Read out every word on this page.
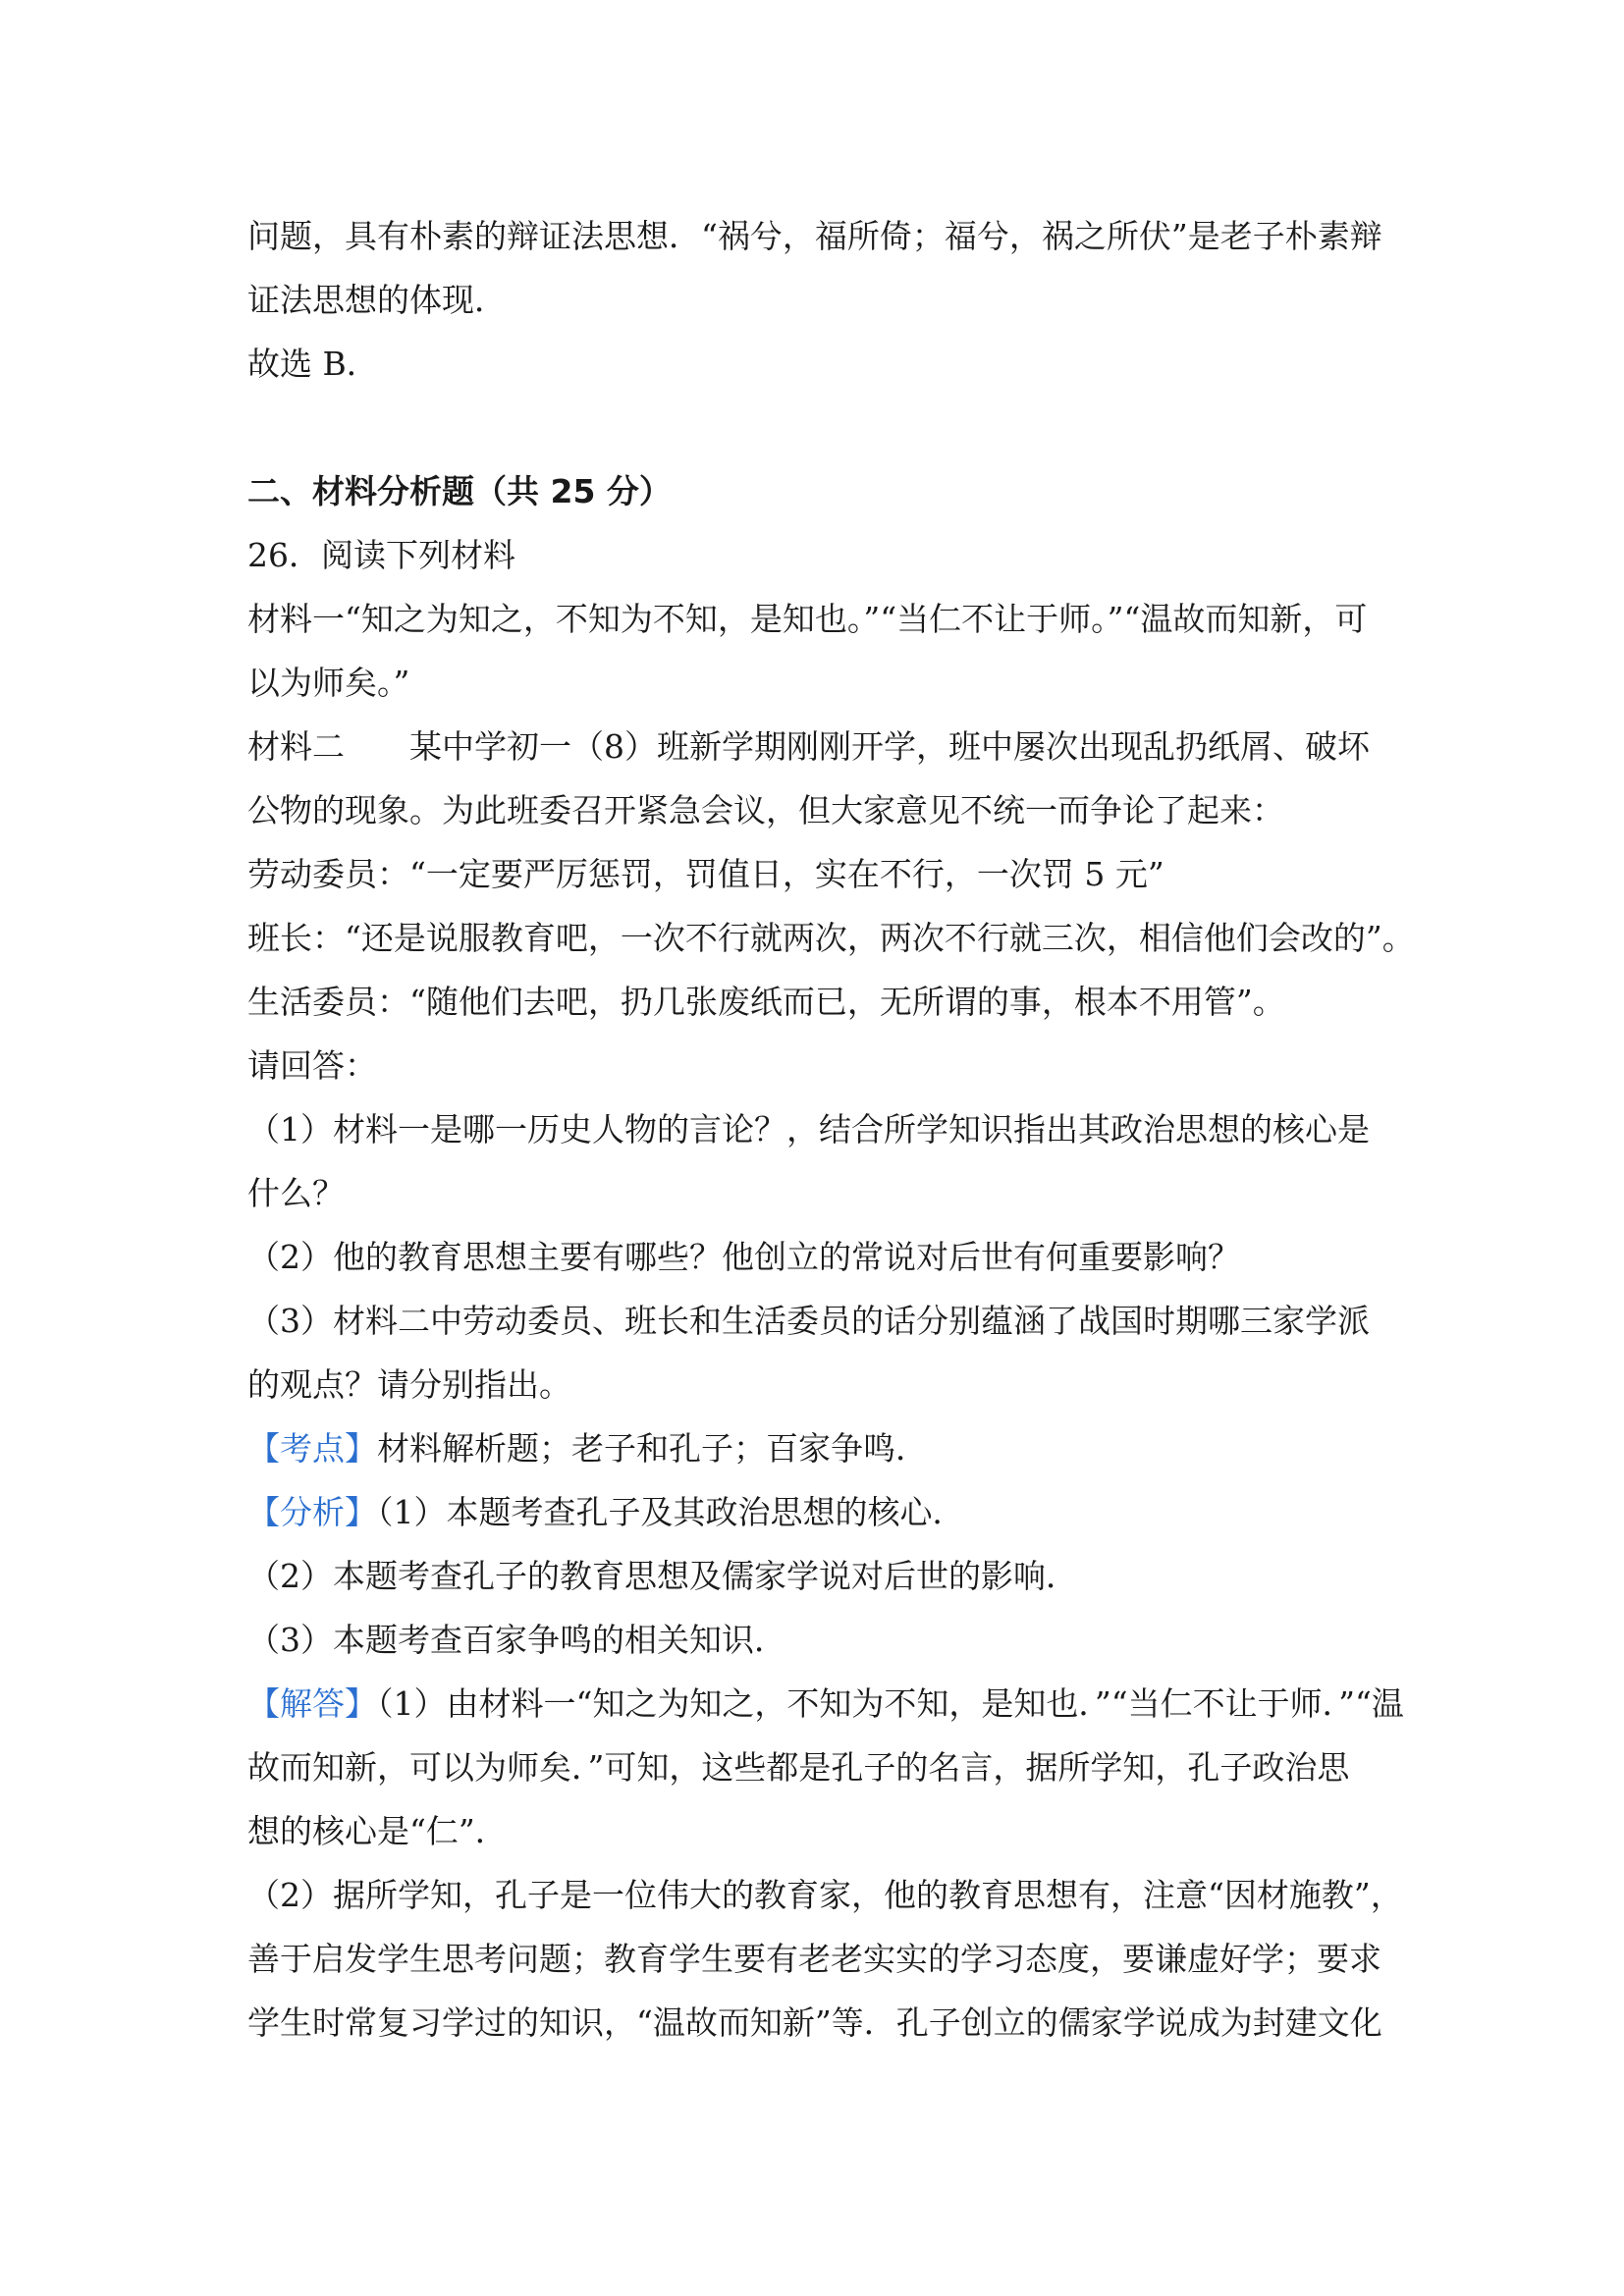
问题，具有朴素的辩证法思想．“祸兮，福所倚；福兮，祸之所伏”是老子朴素辩
证法思想的体现．
故选 B．
二、材料分析题（共 25 分）
26．阅读下列材料
材料一“知之为知之，不知为不知，是知也。”“当仁不让于师。”“温故而知新，可
以为师矣。”
材料二　　某中学初一（8）班新学期刚刚开学，班中屡次出现乱扔纸屑、破坏
公物的现象。为此班委召开紧急会议，但大家意见不统一而争论了起来：
劳动委员：“一定要严厉惩罚，罚值日，实在不行，一次罚 5 元”
班长：“还是说服教育吧，一次不行就两次，两次不行就三次，相信他们会改的”。
生活委员：“随他们去吧，扔几张废纸而已，无所谓的事，根本不用管”。
请回答：
（1）材料一是哪一历史人物的言论？，结合所学知识指出其政治思想的核心是
什么？
（2）他的教育思想主要有哪些？他创立的常说对后世有何重要影响？
（3）材料二中劳动委员、班长和生活委员的话分别蕴涵了战国时期哪三家学派
的观点？请分别指出。
【考点】材料解析题；老子和孔子；百家争鸣．
【分析】（1）本题考查孔子及其政治思想的核心．
（2）本题考查孔子的教育思想及儒家学说对后世的影响．
（3）本题考查百家争鸣的相关知识．
【解答】（1）由材料一“知之为知之，不知为不知，是知也．”“当仁不让于师．”“温
故而知新，可以为师矣．”可知，这些都是孔子的名言，据所学知，孔子政治思
想的核心是“仁”．
（2）据所学知，孔子是一位伟大的教育家，他的教育思想有，注意“因材施教”，
善于启发学生思考问题；教育学生要有老老实实的学习态度，要谦虚好学；要求
学生时常复习学过的知识，“温故而知新”等．孔子创立的儒家学说成为封建文化
